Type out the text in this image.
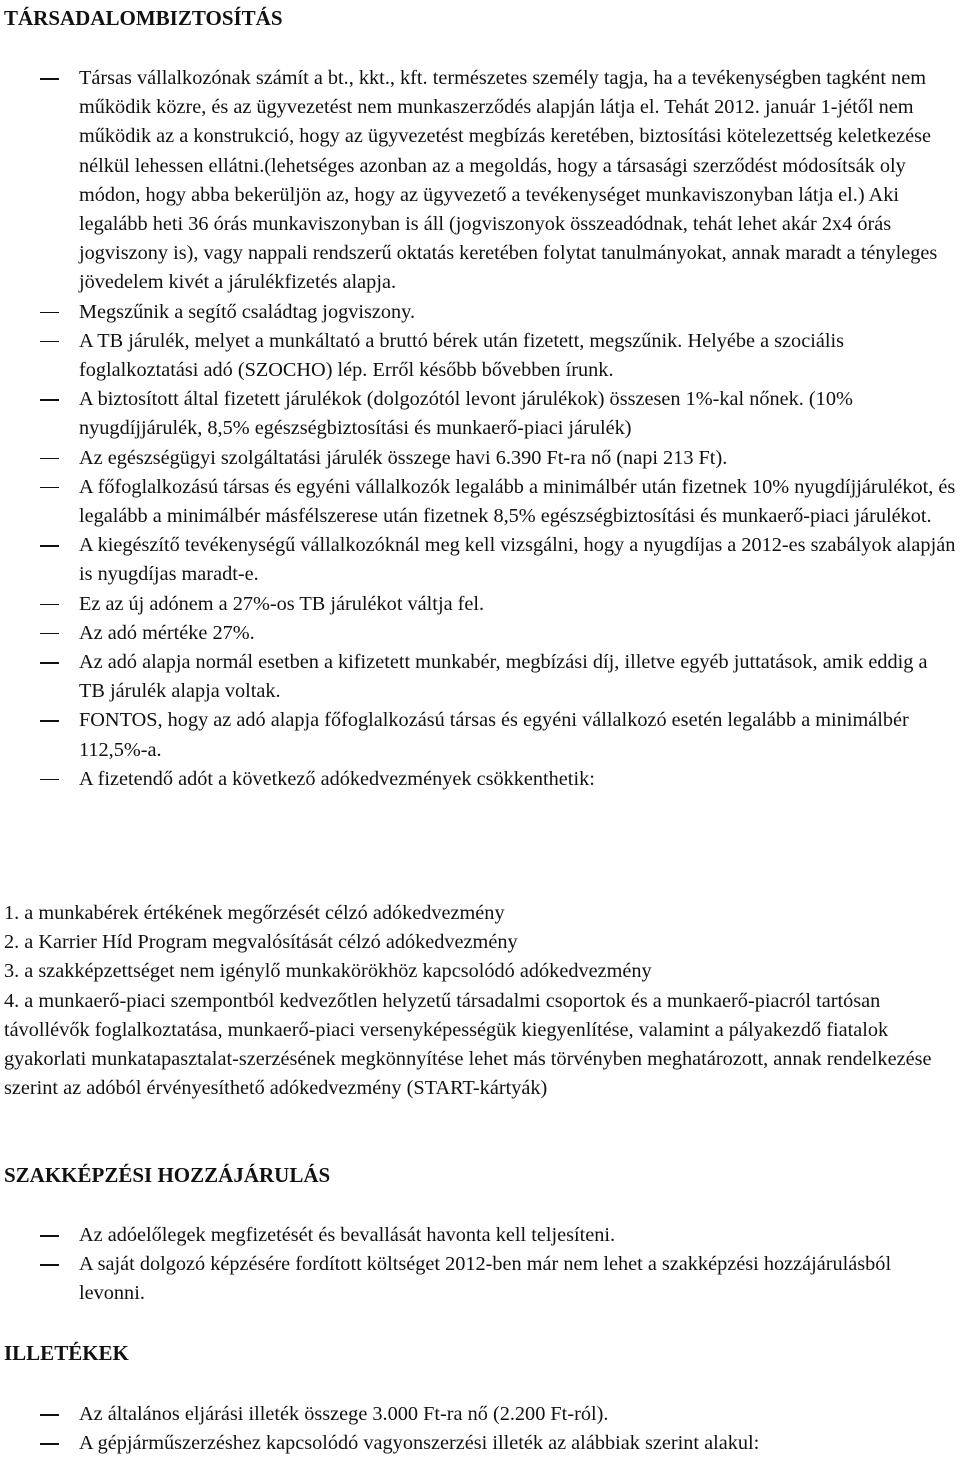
TÁRSADALOMBIZTOSÍTÁS
Társas vállalkozónak számít a bt., kkt., kft. természetes személy tagja, ha a tevékenységben tagként nem működik közre, és az ügyvezetést nem munkaszerződés alapján látja el. Tehát 2012. január 1-jétől nem működik az a konstrukció, hogy az ügyvezetést megbízás keretében, biztosítási kötelezettség keletkezése nélkül lehessen ellátni.(lehetséges azonban az a megoldás, hogy a társasági szerződést módosítsák oly módon, hogy abba bekerüljön az, hogy az ügyvezető a tevékenységet munkaviszonyban látja el.) Aki legalább heti 36 órás munkaviszonyban is áll (jogviszonyok összeadódnak, tehát lehet akár 2x4 órás jogviszony is), vagy nappali rendszerű oktatás keretében folytat tanulmányokat, annak maradt a tényleges jövedelem kivét a járulékfizetés alapja.
Megszűnik a segítő családtag jogviszony.
A TB járulék, melyet a munkáltató a bruttó bérek után fizetett, megszűnik. Helyébe a szociális foglalkoztatási adó (SZOCHO) lép. Erről később bővebben írunk.
A biztosított által fizetett járulékok (dolgozótól levont járulékok) összesen 1%-kal nőnek. (10% nyugdíjjárulék, 8,5% egészségbiztosítási és munkaerő-piaci járulék)
Az egészségügyi szolgáltatási járulék összege havi 6.390 Ft-ra nő (napi 213 Ft).
A főfoglalkozású társas és egyéni vállalkozók legalább a minimálbér után fizetnek 10% nyugdíjjárulékot, és legalább a minimálbér másfélszerese után fizetnek 8,5% egészségbiztosítási és munkaerő-piaci járulékot.
A kiegészítő tevékenységű vállalkozóknál meg kell vizsgálni, hogy a nyugdíjas a 2012-es szabályok alapján is nyugdíjas maradt-e.
Ez az új adónem a 27%-os TB járulékot váltja fel.
Az adó mértéke 27%.
Az adó alapja normál esetben a kifizetett munkabér, megbízási díj, illetve egyéb juttatások, amik eddig a TB járulék alapja voltak.
FONTOS, hogy az adó alapja főfoglalkozású társas és egyéni vállalkozó esetén legalább a minimálbér 112,5%-a.
A fizetendő adót a következő adókedvezmények csökkenthetik:
1. a munkabérek értékének megőrzését célzó adókedvezmény
2. a Karrier Híd Program megvalósítását célzó adókedvezmény
3. a szakképzettséget nem igénylő munkakörökhöz kapcsolódó adókedvezmény
4. a munkaerő-piaci szempontból kedvezőtlen helyzetű társadalmi csoportok és a munkaerő-piacról tartósan távollévők foglalkoztatása, munkaerő-piaci versenyképességük kiegyenlítése, valamint a pályakezdő fiatalok gyakorlati munkatapasztalat-szerzésének megkönnyítése lehet más törvényben meghatározott, annak rendelkezése szerint az adóból érvényesíthető adókedvezmény (START-kártyák)
SZAKKÉPZÉSI HOZZÁJÁRULÁS
Az adóelőlegek megfizetését és bevallását havonta kell teljesíteni.
A saját dolgozó képzésére fordított költséget 2012-ben már nem lehet a szakképzési hozzájárulásból levonni.
ILLETÉKEK
Az általános eljárási illeték összege 3.000 Ft-ra nő (2.200 Ft-ról).
A gépjárműszerzéshez kapcsolódó vagyonszerzési illeték az alábbiak szerint alakul:
